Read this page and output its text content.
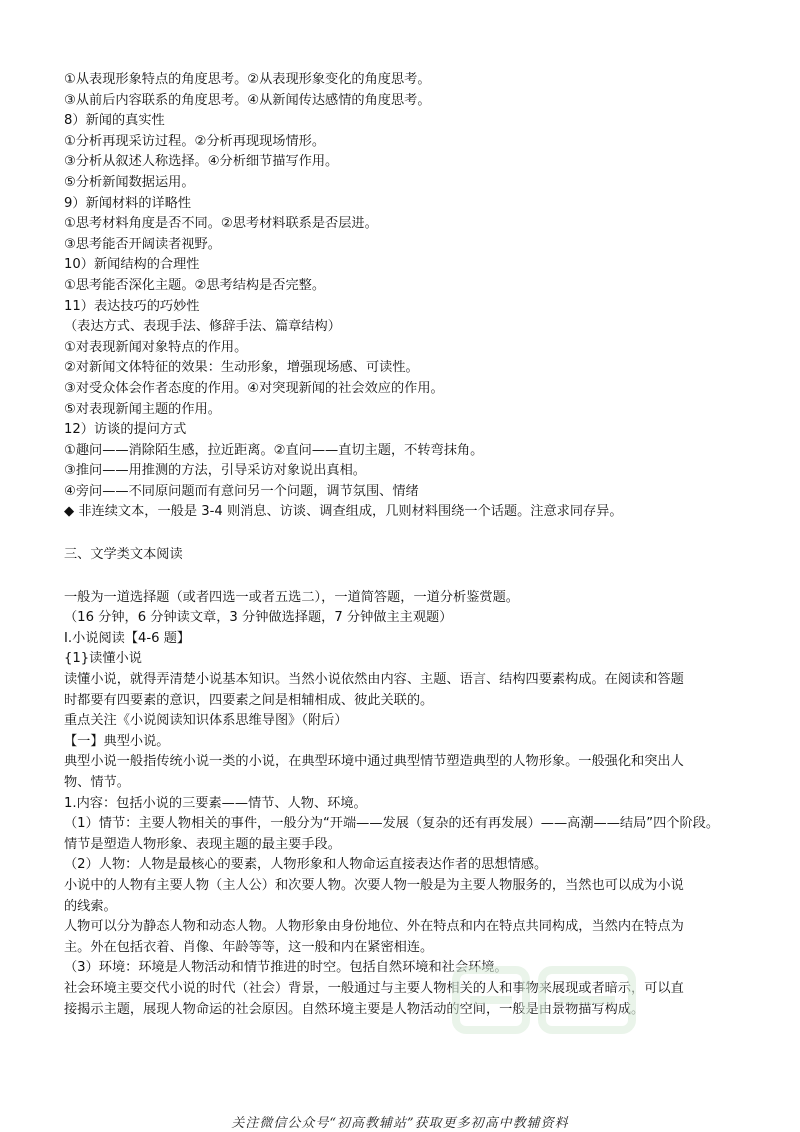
①从表现形象特点的角度思考。②从表现形象变化的角度思考。
③从前后内容联系的角度思考。④从新闻传达感情的角度思考。
8）新闻的真实性
①分析再现采访过程。②分析再现现场情形。
③分析从叙述人称选择。④分析细节描写作用。
⑤分析新闻数据运用。
9）新闻材料的详略性
①思考材料角度是否不同。②思考材料联系是否层进。
③思考能否开阔读者视野。
10）新闻结构的合理性
①思考能否深化主题。②思考结构是否完整。
11）表达技巧的巧妙性
（表达方式、表现手法、修辞手法、篇章结构）
①对表现新闻对象特点的作用。
②对新闻文体特征的效果：生动形象，增强现场感、可读性。
③对受众体会作者态度的作用。④对突现新闻的社会效应的作用。
⑤对表现新闻主题的作用。
12）访谈的提问方式
①趣问——消除陌生感，拉近距离。②直问——直切主题，不转弯抹角。
③推问——用推测的方法，引导采访对象说出真相。
④旁问——不同原问题而有意问另一个问题，调节氛围、情绪
◆ 非连续文本，一般是 3-4 则消息、访谈、调查组成，几则材料围绕一个话题。注意求同存异。
三、文学类文本阅读
一般为一道选择题（或者四选一或者五选二），一道简答题，一道分析鉴赏题。
（16 分钟，6 分钟读文章，3 分钟做选择题，7 分钟做主主观题）
Ⅰ.小说阅读【4-6 题】
{1}读懂小说
读懂小说，就得弄清楚小说基本知识。当然小说依然由内容、主题、语言、结构四要素构成。在阅读和答题
时都要有四要素的意识，四要素之间是相辅相成、彼此关联的。
重点关注《小说阅读知识体系思维导图》（附后）
【一】典型小说。
典型小说一般指传统小说一类的小说，在典型环境中通过典型情节塑造典型的人物形象。一般强化和突出人
物、情节。
1.内容：包括小说的三要素——情节、人物、环境。
（1）情节：主要人物相关的事件，一般分为“开端——发展（复杂的还有再发展）——高潮——结局”四个阶段。
情节是塑造人物形象、表现主题的最主要手段。
（2）人物：人物是最核心的要素，人物形象和人物命运直接表达作者的思想情感。
小说中的人物有主要人物（主人公）和次要人物。次要人物一般是为主要人物服务的，当然也可以成为小说
的线索。
人物可以分为静态人物和动态人物。人物形象由身份地位、外在特点和内在特点共同构成，当然内在特点为
主。外在包括衣着、肖像、年龄等等，这一般和内在紧密相连。
（3）环境：环境是人物活动和情节推进的时空。包括自然环境和社会环境。
社会环境主要交代小说的时代（社会）背景，一般通过与主要人物相关的人和事物来展现或者暗示，可以直
接揭示主题，展现人物命运的社会原因。自然环境主要是人物活动的空间，一般是由景物描写构成。
关注微信公众号“初高教辅站”获取更多初高中教辅资料
